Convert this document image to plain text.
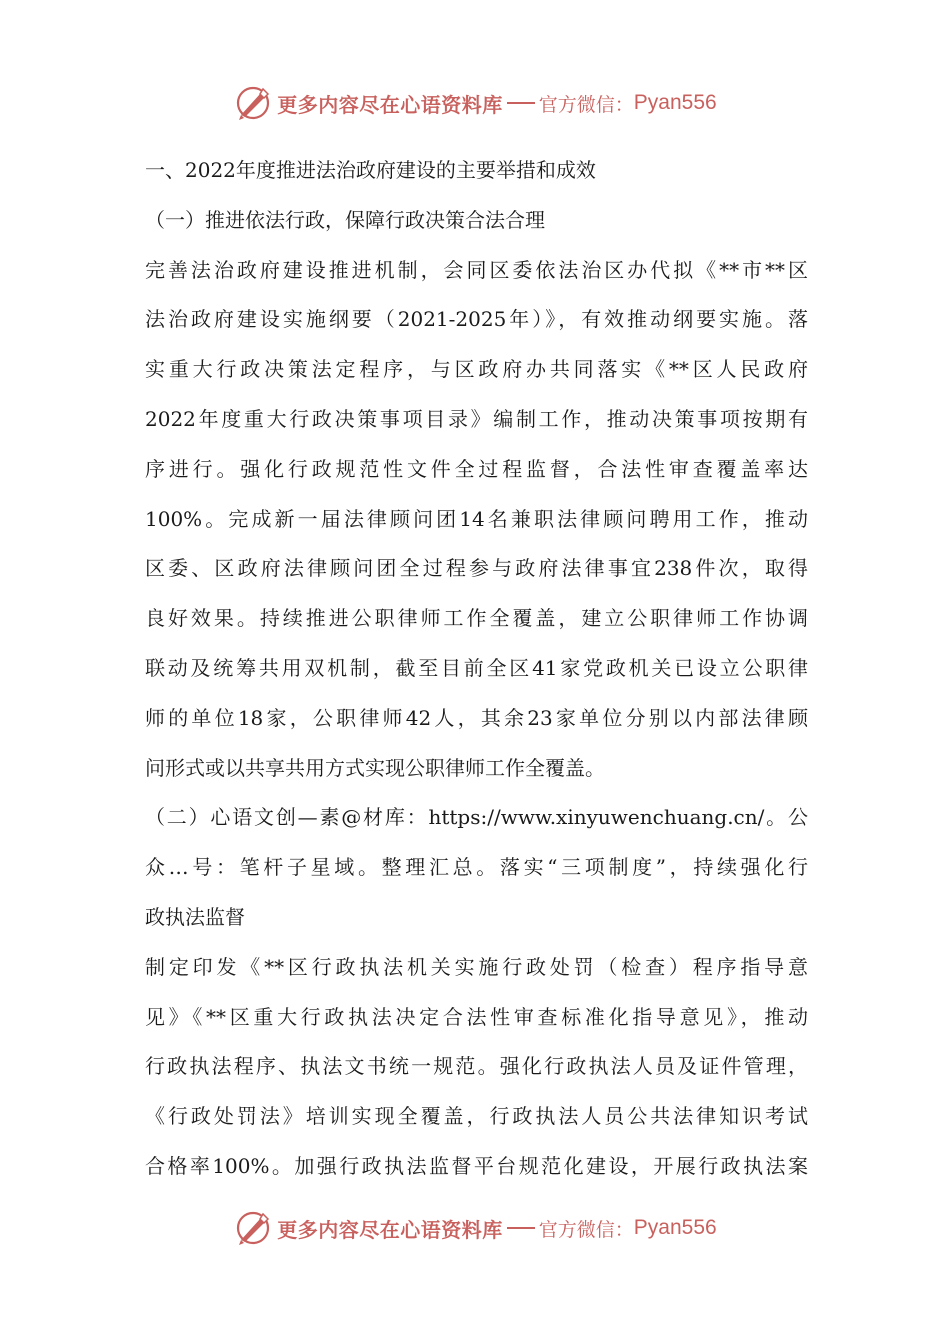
更多内容尽在心语资料库 官方微信： Pyan556
一、2022年度推进法治政府建设的主要举措和成效
（一）推进依法行政，保障行政决策合法合理
完善法治政府建设推进机制，会同区委依法治区办代拟《**市**区
法治政府建设实施纲要（2021-2025年）》，有效推动纲要实施。落
实重大行政决策法定程序，与区政府办共同落实《**区人民政府
2022年度重大行政决策事项目录》编制工作，推动决策事项按期有
序进行。强化行政规范性文件全过程监督，合法性审查覆盖率达
100%。完成新一届法律顾问团14名兼职法律顾问聘用工作，推动
区委、区政府法律顾问团全过程参与政府法律事宜238件次，取得
良好效果。持续推进公职律师工作全覆盖，建立公职律师工作协调
联动及统筹共用双机制，截至目前全区41家党政机关已设立公职律
师的单位18家，公职律师42人，其余23家单位分别以内部法律顾
问形式或以共享共用方式实现公职律师工作全覆盖。
（二）心语文创—素@材库：https://www.xinyuwenchuang.cn/。公
众…号：笔杆子星域。整理汇总。落实“三项制度”，持续强化行
政执法监督
制定印发《**区行政执法机关实施行政处罚（检查）程序指导意
见》《**区重大行政执法决定合法性审查标准化指导意见》，推动
行政执法程序、执法文书统一规范。强化行政执法人员及证件管理，
《行政处罚法》培训实现全覆盖，行政执法人员公共法律知识考试
合格率100%。加强行政执法监督平台规范化建设，开展行政执法案
更多内容尽在心语资料库 官方微信： Pyan556
